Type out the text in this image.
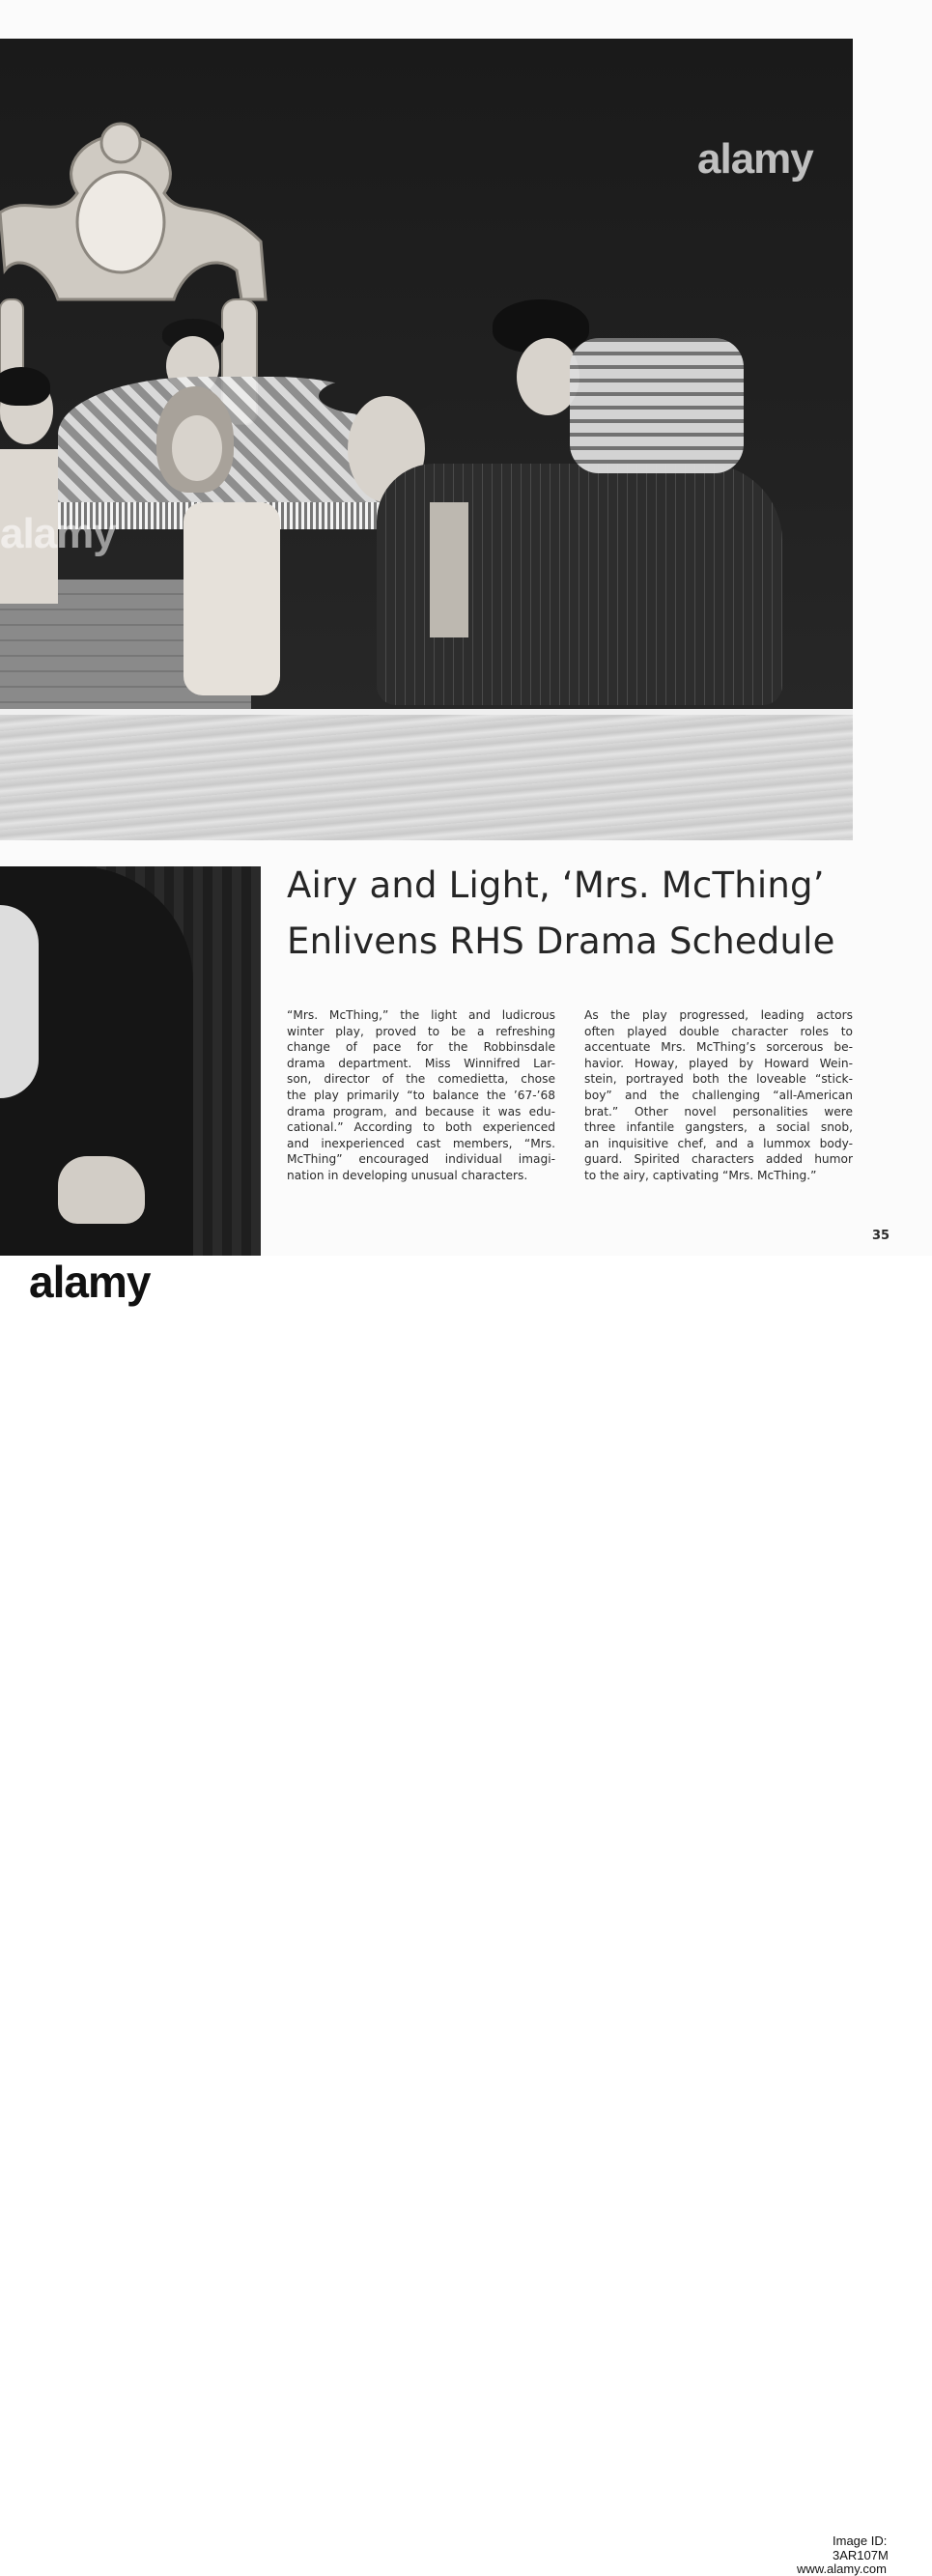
alamy
alamy
Airy and Light, ‘Mrs. McThing’
Enlivens RHS Drama Schedule
“Mrs. McThing,” the light and ludicrous
winter play, proved to be a refreshing
change of pace for the Robbinsdale
drama department. Miss Winnifred Lar-
son, director of the comedietta, chose
the play primarily “to balance the ’67-’68
drama program, and because it was edu-
cational.” According to both experienced
and inexperienced cast members, “Mrs.
McThing” encouraged individual imagi-
nation in developing unusual characters.
As the play progressed, leading actors
often played double character roles to
accentuate Mrs. McThing’s sorcerous be-
havior. Howay, played by Howard Wein-
stein, portrayed both the loveable “stick-
boy” and the challenging “all-American
brat.” Other novel personalities were
three infantile gangsters, a social snob,
an inquisitive chef, and a lummox body-
guard. Spirited characters added humor
to the airy, captivating “Mrs. McThing.”
35
alamy
Image ID: 3AR107M
www.alamy.com
